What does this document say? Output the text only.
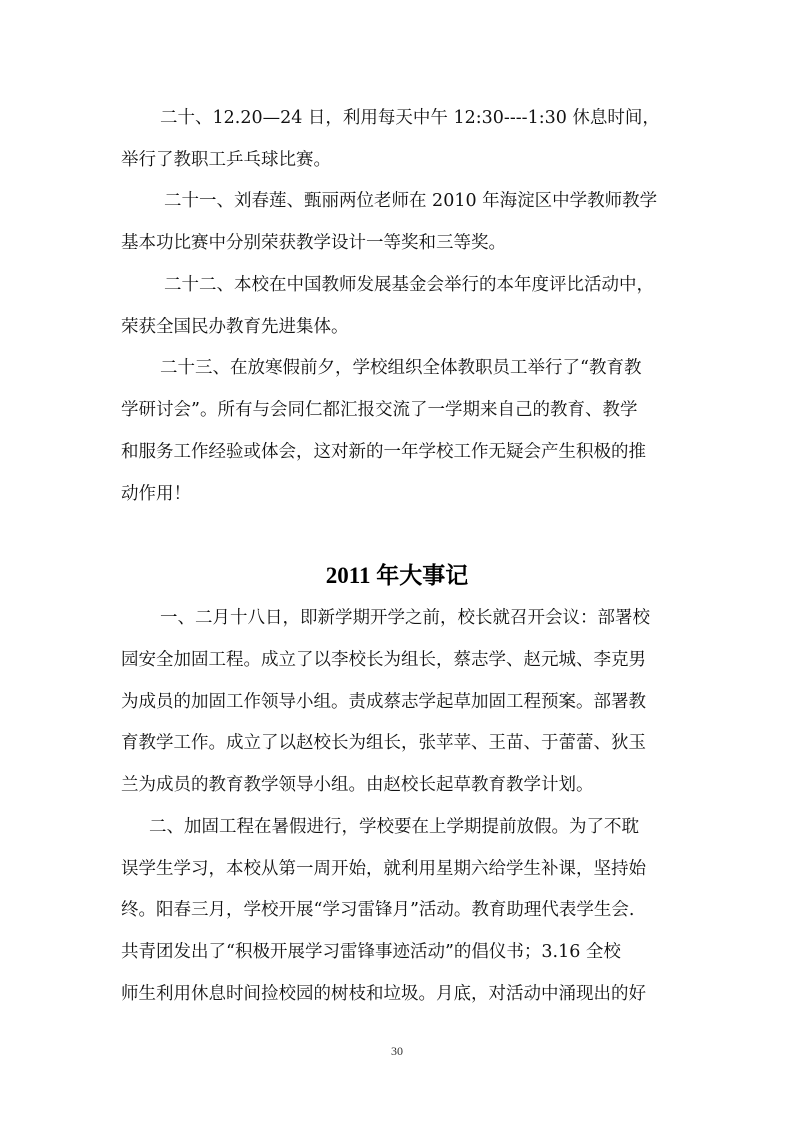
二十、12.20—24 日，利用每天中午 12:30----1:30 休息时间，
举行了教职工乒乓球比赛。
二十一、刘春莲、甄丽两位老师在 2010 年海淀区中学教师教学
基本功比赛中分别荣获教学设计一等奖和三等奖。
二十二、本校在中国教师发展基金会举行的本年度评比活动中，
荣获全国民办教育先进集体。
二十三、在放寒假前夕，学校组织全体教职员工举行了“教育教
学研讨会”。所有与会同仁都汇报交流了一学期来自己的教育、教学
和服务工作经验或体会，这对新的一年学校工作无疑会产生积极的推
动作用！
2011 年大事记
一、二月十八日，即新学期开学之前，校长就召开会议：部署校
园安全加固工程。成立了以李校长为组长，蔡志学、赵元城、李克男
为成员的加固工作领导小组。责成蔡志学起草加固工程预案。部署教
育教学工作。成立了以赵校长为组长，张苹苹、王苗、于蕾蕾、狄玉
兰为成员的教育教学领导小组。由赵校长起草教育教学计划。
二、加固工程在暑假进行，学校要在上学期提前放假。为了不耽
误学生学习，本校从第一周开始，就利用星期六给学生补课，坚持始
终。阳春三月，学校开展“学习雷锋月”活动。教育助理代表学生会.
共青团发出了“积极开展学习雷锋事迹活动”的倡仪书；3.16 全校
师生利用休息时间捡校园的树枝和垃圾。月底，对活动中涌现出的好
30
